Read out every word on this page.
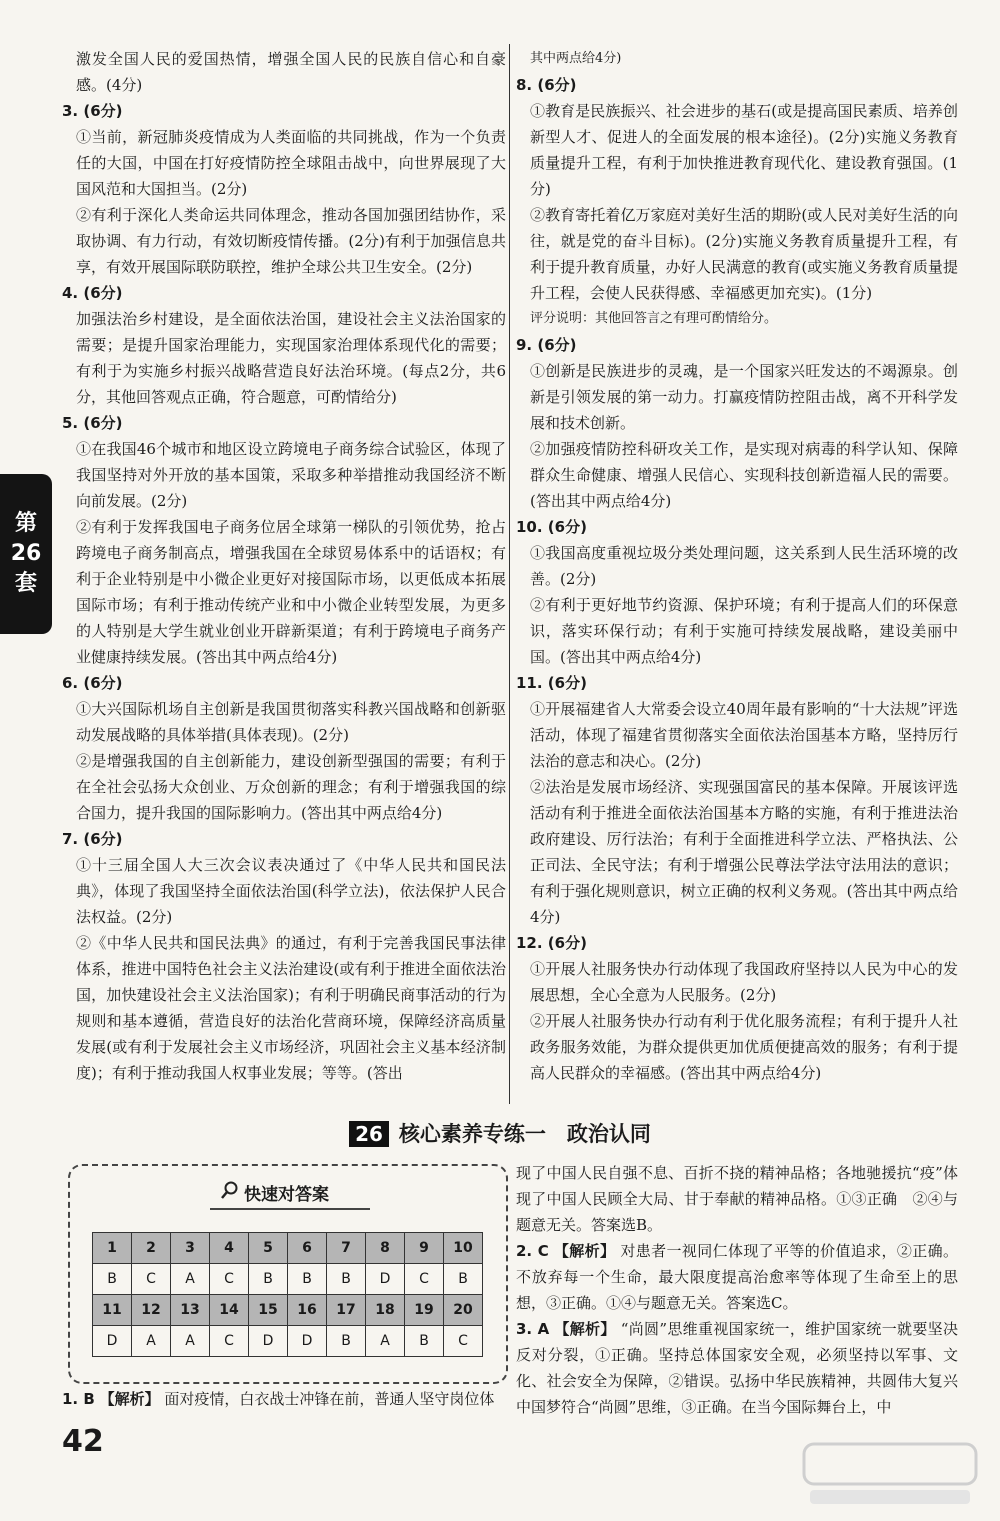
第
26
套

激发全国人民的爱国热情，增强全国人民的民族自信心和自豪感。(4分)

3. (6分)

①当前，新冠肺炎疫情成为人类面临的共同挑战，作为一个负责任的大国，中国在打好疫情防控全球阻击战中，向世界展现了大国风范和大国担当。(2分)

②有利于深化人类命运共同体理念，推动各国加强团结协作，采取协调、有力行动，有效切断疫情传播。(2分)有利于加强信息共享，有效开展国际联防联控，维护全球公共卫生安全。(2分)

4. (6分)

加强法治乡村建设，是全面依法治国，建设社会主义法治国家的需要；是提升国家治理能力，实现国家治理体系现代化的需要；有利于为实施乡村振兴战略营造良好法治环境。(每点2分，共6分，其他回答观点正确，符合题意，可酌情给分)

5. (6分)

①在我国46个城市和地区设立跨境电子商务综合试验区，体现了我国坚持对外开放的基本国策，采取多种举措推动我国经济不断向前发展。(2分)

②有利于发挥我国电子商务位居全球第一梯队的引领优势，抢占跨境电子商务制高点，增强我国在全球贸易体系中的话语权；有利于企业特别是中小微企业更好对接国际市场，以更低成本拓展国际市场；有利于推动传统产业和中小微企业转型发展，为更多的人特别是大学生就业创业开辟新渠道；有利于跨境电子商务产业健康持续发展。(答出其中两点给4分)

6. (6分)

①大兴国际机场自主创新是我国贯彻落实科教兴国战略和创新驱动发展战略的具体举措(具体表现)。(2分)

②是增强我国的自主创新能力，建设创新型强国的需要；有利于在全社会弘扬大众创业、万众创新的理念；有利于增强我国的综合国力，提升我国的国际影响力。(答出其中两点给4分)

7. (6分)

①十三届全国人大三次会议表决通过了《中华人民共和国民法典》，体现了我国坚持全面依法治国(科学立法)，依法保护人民合法权益。(2分)

②《中华人民共和国民法典》的通过，有利于完善我国民事法律体系，推进中国特色社会主义法治建设(或有利于推进全面依法治国，加快建设社会主义法治国家)；有利于明确民商事活动的行为规则和基本遵循，营造良好的法治化营商环境，保障经济高质量发展(或有利于发展社会主义市场经济，巩固社会主义基本经济制度)；有利于推动我国人权事业发展；等等。(答出

其中两点给4分)

8. (6分)

①教育是民族振兴、社会进步的基石(或是提高国民素质、培养创新型人才、促进人的全面发展的根本途径)。(2分)实施义务教育质量提升工程，有利于加快推进教育现代化、建设教育强国。(1分)

②教育寄托着亿万家庭对美好生活的期盼(或人民对美好生活的向往，就是党的奋斗目标)。(2分)实施义务教育质量提升工程，有利于提升教育质量，办好人民满意的教育(或实施义务教育质量提升工程，会使人民获得感、幸福感更加充实)。(1分)

评分说明：其他回答言之有理可酌情给分。

9. (6分)

①创新是民族进步的灵魂，是一个国家兴旺发达的不竭源泉。创新是引领发展的第一动力。打赢疫情防控阻击战，离不开科学发展和技术创新。

②加强疫情防控科研攻关工作，是实现对病毒的科学认知、保障群众生命健康、增强人民信心、实现科技创新造福人民的需要。(答出其中两点给4分)

10. (6分)

①我国高度重视垃圾分类处理问题，这关系到人民生活环境的改善。(2分)

②有利于更好地节约资源、保护环境；有利于提高人们的环保意识，落实环保行动；有利于实施可持续发展战略，建设美丽中国。(答出其中两点给4分)

11. (6分)

①开展福建省人大常委会设立40周年最有影响的“十大法规”评选活动，体现了福建省贯彻落实全面依法治国基本方略，坚持厉行法治的意志和决心。(2分)

②法治是发展市场经济、实现强国富民的基本保障。开展该评选活动有利于推进全面依法治国基本方略的实施，有利于推进法治政府建设、厉行法治；有利于全面推进科学立法、严格执法、公正司法、全民守法；有利于增强公民尊法学法守法用法的意识；有利于强化规则意识，树立正确的权利义务观。(答出其中两点给4分)

12. (6分)

①开展人社服务快办行动体现了我国政府坚持以人民为中心的发展思想，全心全意为人民服务。(2分)

②开展人社服务快办行动有利于优化服务流程；有利于提升人社政务服务效能，为群众提供更加优质便捷高效的服务；有利于提高人民群众的幸福感。(答出其中两点给4分)

26 核心素养专练一　政治认同
快速对答案
1	2	3	4	5	6	7	8	9	10
B	C	A	C	B	B	B	D	C	B
11	12	13	14	15	16	17	18	19	20
D	A	A	C	D	D	B	A	B	C

1. B 【解析】 面对疫情，白衣战士冲锋在前，普通人坚守岗位体

现了中国人民自强不息、百折不挠的精神品格；各地驰援抗“疫”体现了中国人民顾全大局、甘于奉献的精神品格。①③正确　②④与题意无关。答案选B。

2. C 【解析】 对患者一视同仁体现了平等的价值追求，②正确。不放弃每一个生命，最大限度提高治愈率等体现了生命至上的思想，③正确。①④与题意无关。答案选C。

3. A 【解析】 “尚圆”思维重视国家统一，维护国家统一就要坚决反对分裂，①正确。坚持总体国家安全观，必须坚持以军事、文化、社会安全为保障，②错误。弘扬中华民族精神，共圆伟大复兴中国梦符合“尚圆”思维，③正确。在当今国际舞台上，中

42
